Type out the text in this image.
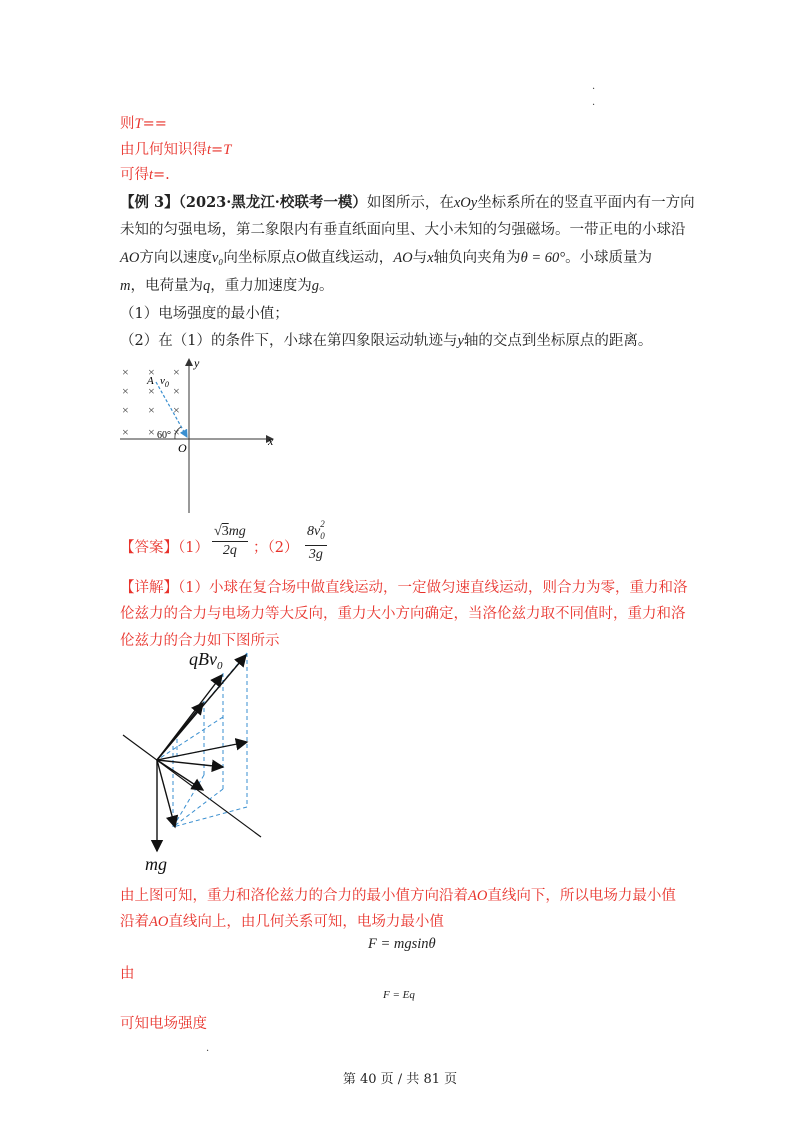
·
·
则T==
由几何知识得t=T
可得t=.
【例 3】（2023·黑龙江·校联考一模）如图所示，在xOy坐标系所在的竖直平面内有一方向
未知的匀强电场，第二象限内有垂直纸面向里、大小未知的匀强磁场。一带正电的小球沿
AO方向以速度v₀向坐标原点O做直线运动，AO与x轴负向夹角为θ = 60°。小球质量为
m，电荷量为q，重力加速度为g。
（1）电场强度的最小值；
（2）在（1）的条件下，小球在第四象限运动轨迹与y轴的交点到坐标原点的距离。
y
x
O
× × ×
× × ×
× × ×
× × ×
A $v_0$
60°
【答案】$(1) \frac{√3mg}{2q}$ ；（2） 8v 2
$_0$
3g
【详解】（1）小球在复合场中做直线运动，一定做匀速直线运动，则合力为零，重力和洛
伦兹力的合力与电场力等大反向，重力大小方向确定，当洛伦兹力取不同值时，重力和洛
伦兹力的合力如下图所示
qBv$_0$
mg
由上图可知，重力和洛伦兹力的合力的最小值方向沿着AO直线向下，所以电场力最小值
沿着AO直线向上，由几何关系可知，电场力最小值
F = mgsinθ
由
F = Eq
可知电场强度
·
第 40 页 / 共 81 页
